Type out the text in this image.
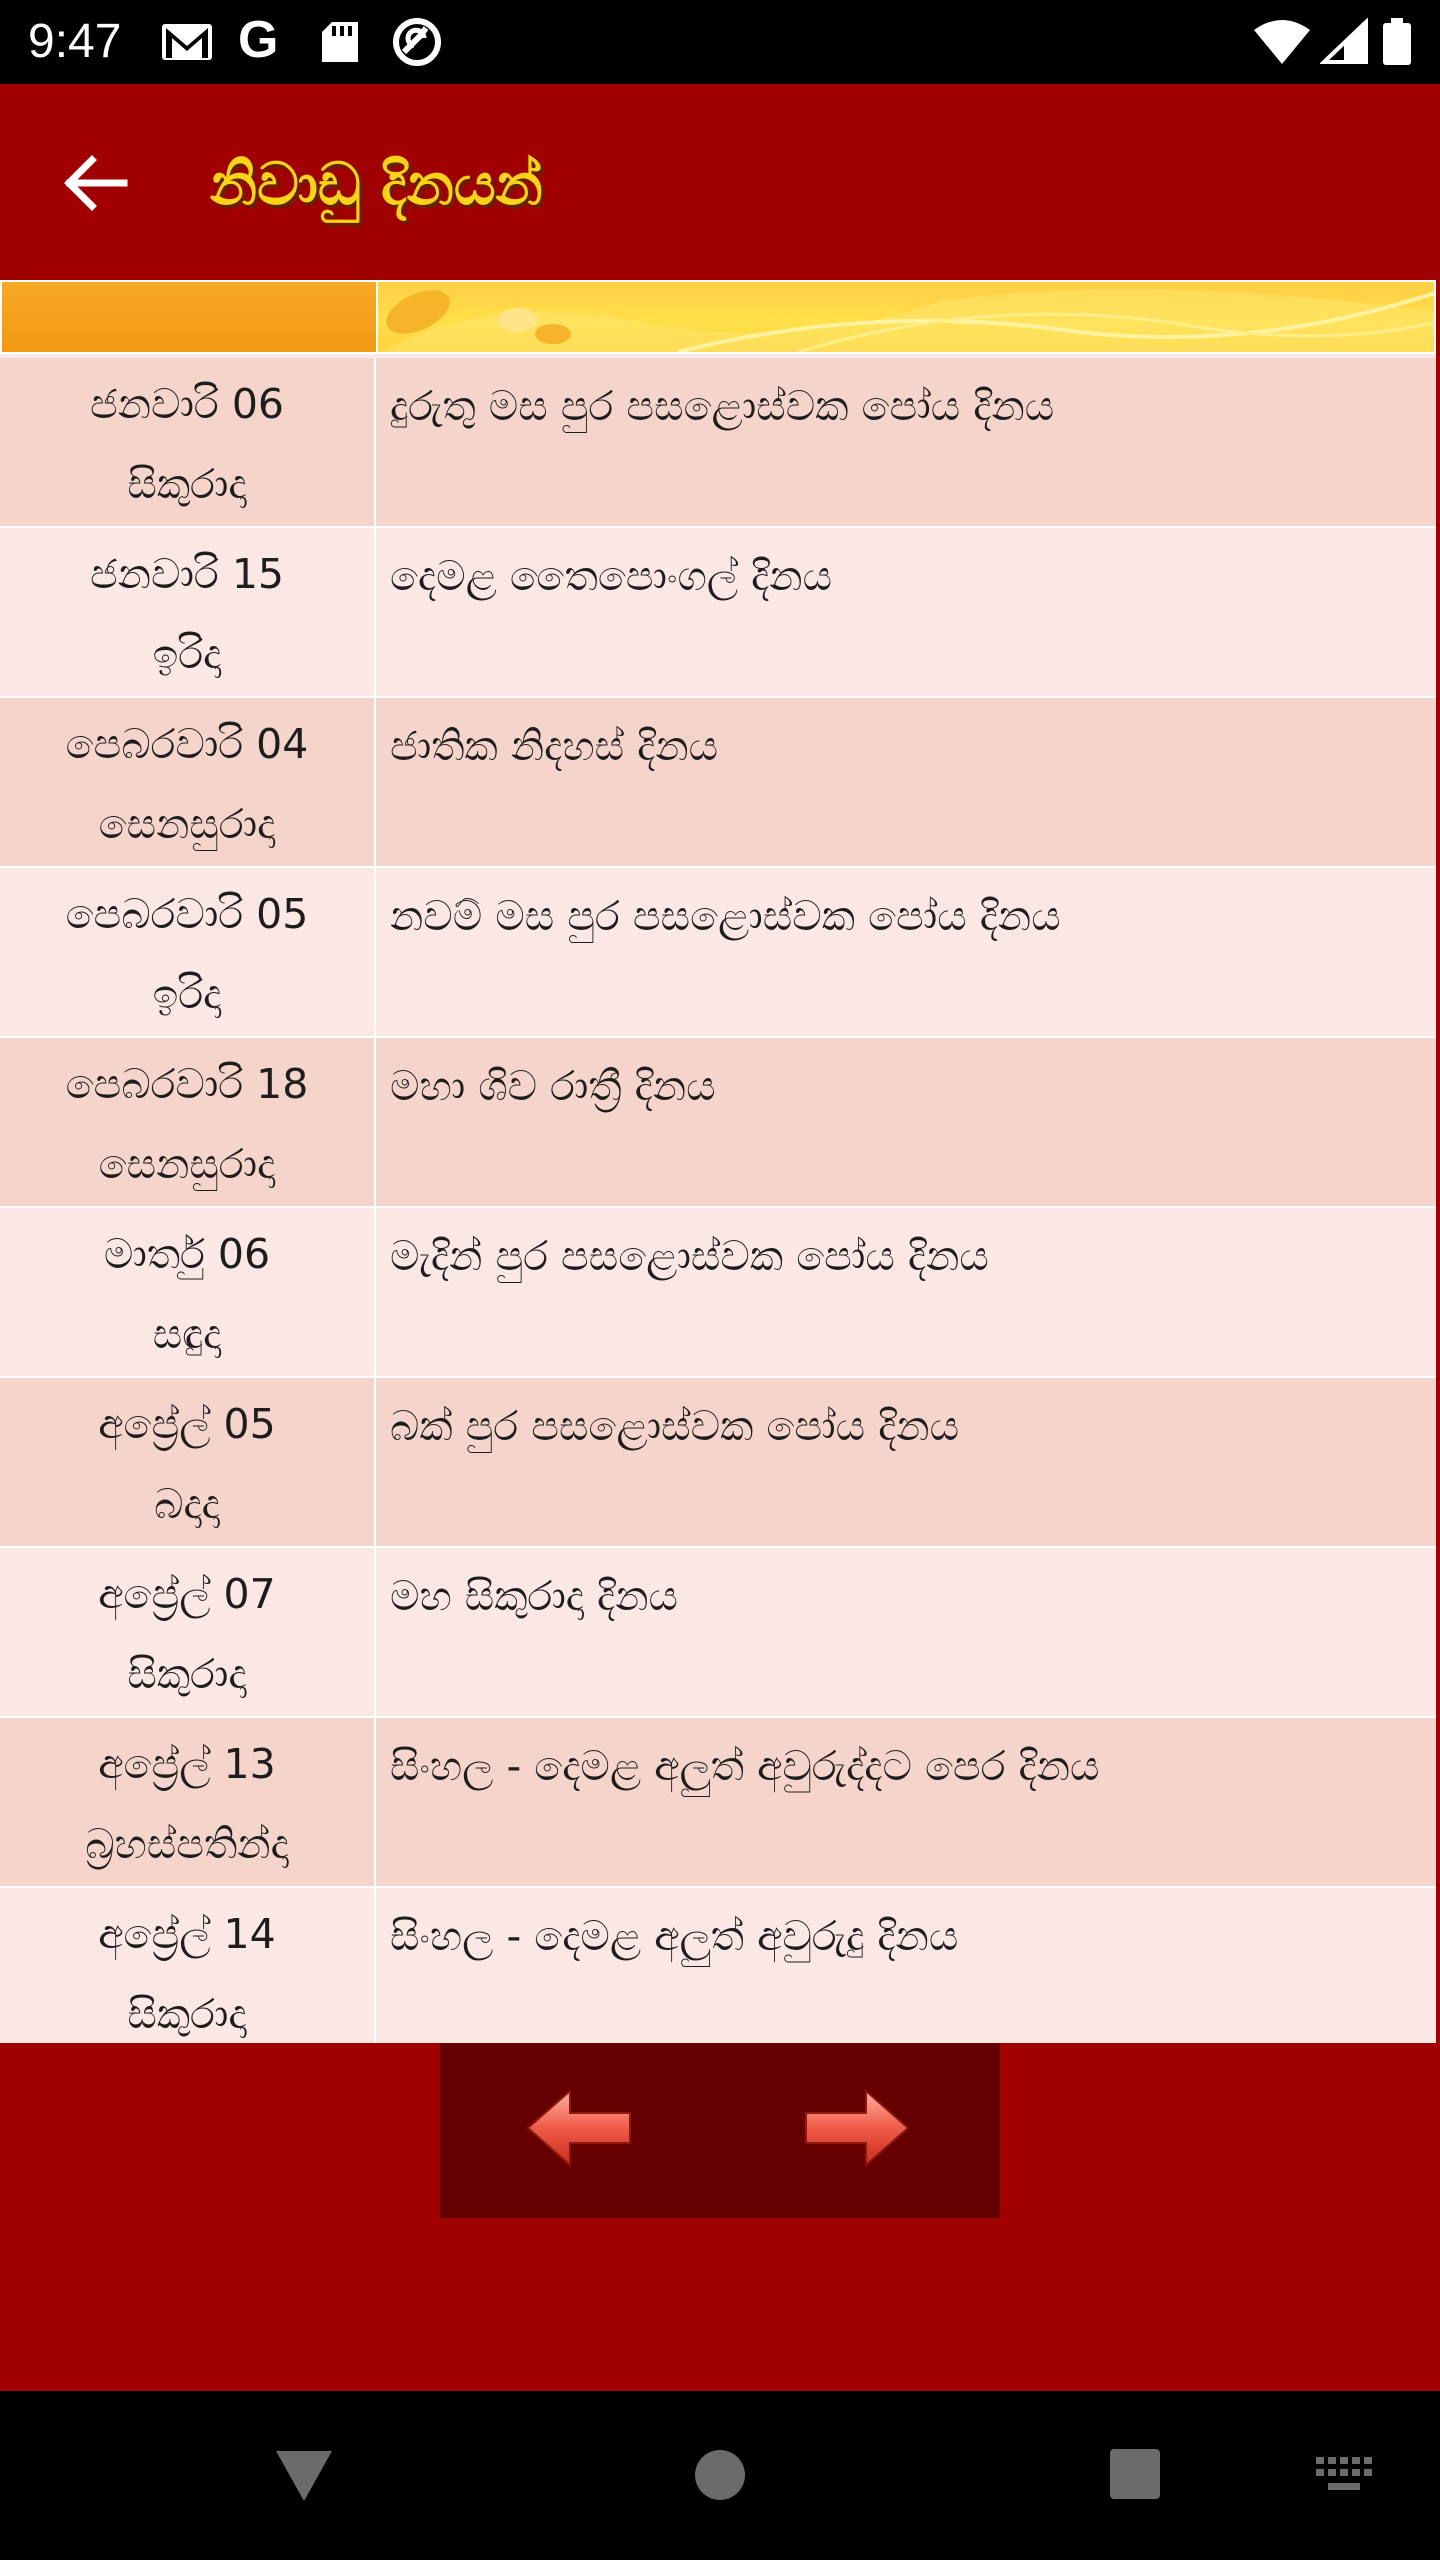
9:47 G
නිවාඩු දිනයන්
ජනවාරි 06
සිකුරාදා
දුරුතු මස පුර පසළොස්වක පෝය දිනය
ජනවාරි 15
ඉරිදා
දෙමළ තෛපොංගල් දිනය
පෙබරවාරි 04
සෙනසුරාදා
ජාතික නිදහස් දිනය
පෙබරවාරි 05
ඉරිදා
නවම් මස පුර පසළොස්වක පෝය දිනය
පෙබරවාරි 18
සෙනසුරාදා
මහා ශිව රාත්‍රී දිනය
මාර්තු 06
සඳුදා
මැදින් පුර පසළොස්වක පෝය දිනය
අප්‍රේල් 05
බදාදා
බක් පුර පසළොස්වක පෝය දිනය
අප්‍රේල් 07
සිකුරාදා
මහ සිකුරාදා දිනය
අප්‍රේල් 13
බ්‍රහස්පතින්දා
සිංහල - දෙමළ අලුත් අවුරුද්දට පෙර දිනය
අප්‍රේල් 14
සිකුරාදා
සිංහල - දෙමළ අලුත් අවුරුදු දිනය
